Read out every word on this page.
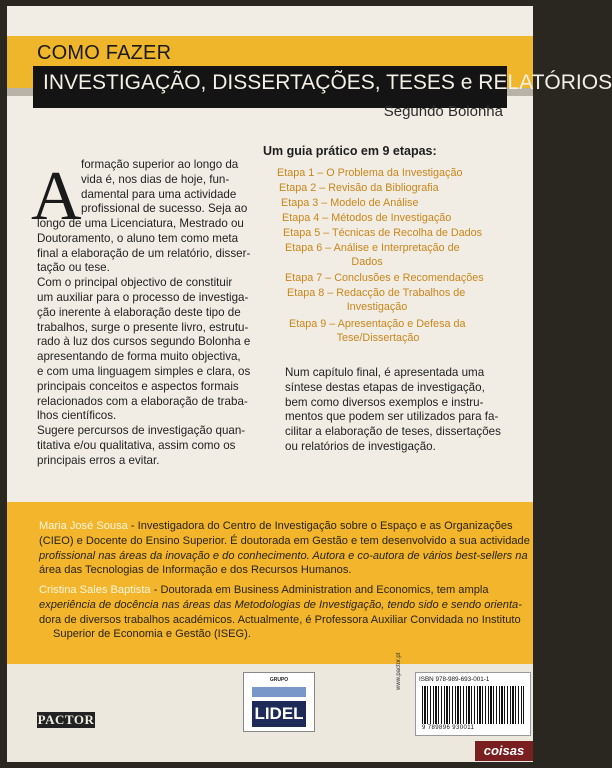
COMO FAZER
INVESTIGAÇÃO, DISSERTAÇÕES, TESES e RELATÓRIOS
Segundo Bolonha
A formação superior ao longo da
vida é, nos dias de hoje, fun-
damental para uma actividade
profissional de sucesso. Seja ao
longo de uma Licenciatura, Mestrado ou
Doutoramento, o aluno tem como meta
final a elaboração de um relatório, disser-
tação ou tese.
Com o principal objectivo de constituir
um auxiliar para o processo de investiga-
ção inerente à elaboração deste tipo de
trabalhos, surge o presente livro, estrutu-
rado à luz dos cursos segundo Bolonha e
apresentando de forma muito objectiva,
e com uma linguagem simples e clara, os
principais conceitos e aspectos formais
relacionados com a elaboração de traba-
lhos científicos.
Sugere percursos de investigação quan-
titativa e/ou qualitativa, assim como os
principais erros a evitar.
Um guia prático em 9 etapas:
Etapa 1 – O Problema da Investigação
Etapa 2 – Revisão da Bibliografia
Etapa 3 – Modelo de Análise
Etapa 4 – Métodos de Investigação
Etapa 5 – Técnicas de Recolha de Dados
Etapa 6 – Análise e Interpretação de
Dados
Etapa 7 – Conclusões e Recomendações
Etapa 8 – Redacção de Trabalhos de
Investigação
Etapa 9 – Apresentação e Defesa da
Tese/Dissertação
Num capítulo final, é apresentada uma
síntese destas etapas de investigação,
bem como diversos exemplos e instru-
mentos que podem ser utilizados para fa-
cilitar a elaboração de teses, dissertações
ou relatórios de investigação.
Maria José Sousa - Investigadora do Centro de Investigação sobre o Espaço e as Organizações
(CIEO) e Docente do Ensino Superior. É doutorada em Gestão e tem desenvolvido a sua actividade
profissional nas áreas da inovação e do conhecimento. Autora e co-autora de vários best-sellers na
área das Tecnologias de Informação e dos Recursos Humanos.
Cristina Sales Baptista - Doutorada em Business Administration and Economics, tem ampla
experiência de docência nas áreas das Metodologias de Investigação, tendo sido e sendo orienta-
dora de diversos trabalhos académicos. Actualmente, é Professora Auxiliar Convidada no Instituto
Superior de Economia e Gestão (ISEG).
PACTOR
GRUPO
LIDEL
www.pactor.pt	ISBN 978-989-693-001-1
9 789896 930011
coisas
